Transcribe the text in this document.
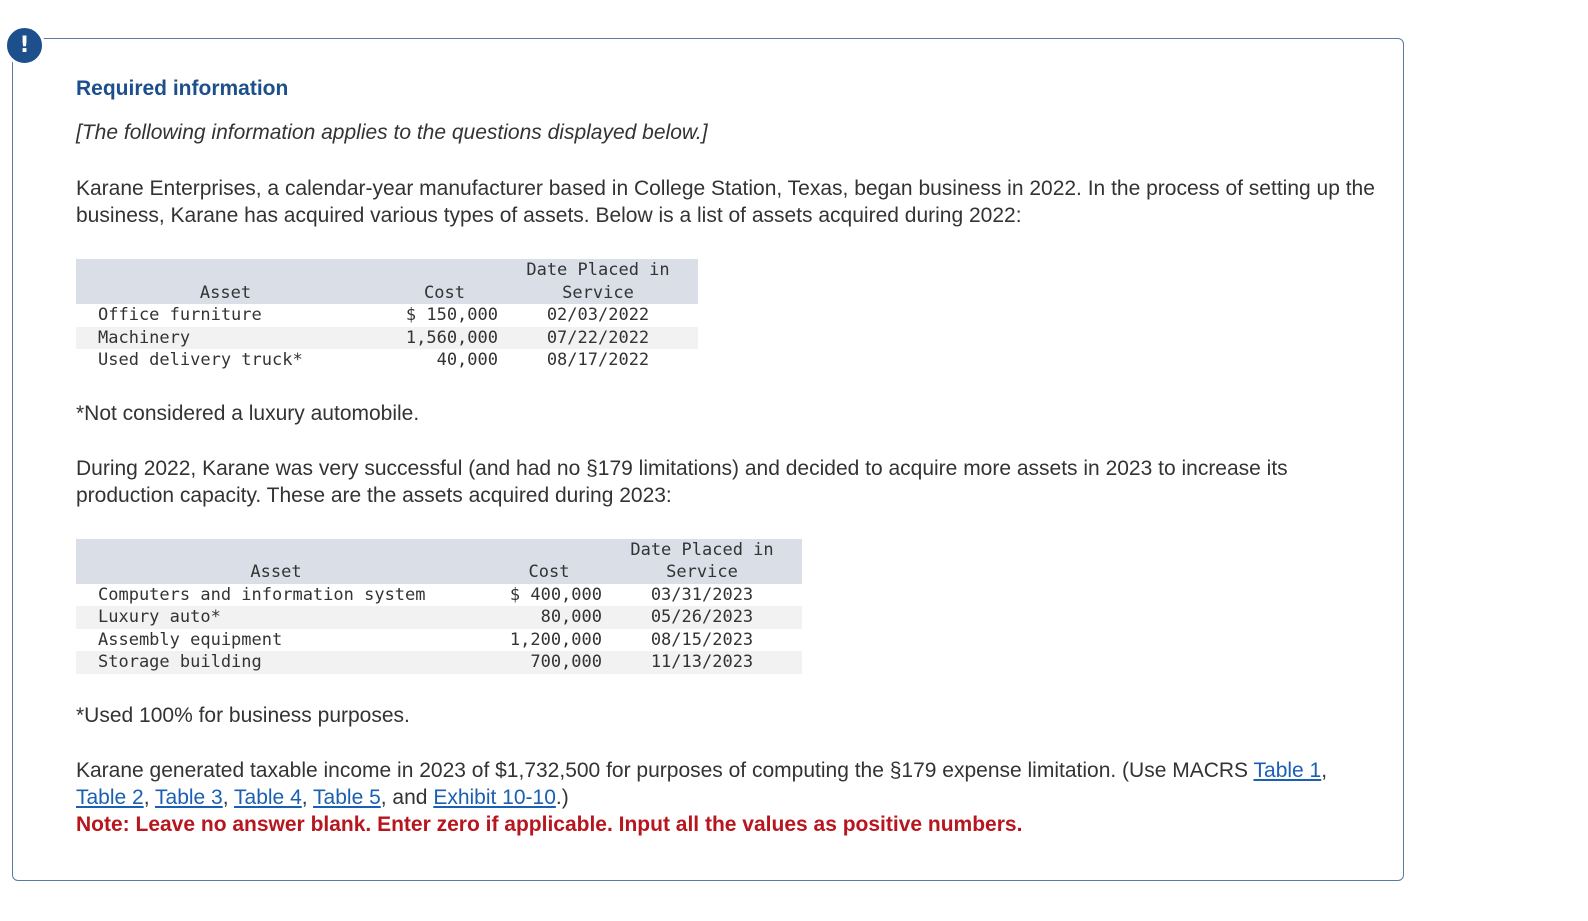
Required information
[The following information applies to the questions displayed below.]

Karane Enterprises, a calendar-year manufacturer based in College Station, Texas, began business in 2022. In the process of setting up the business, Karane has acquired various types of assets. Below is a list of assets acquired during 2022:

Asset	Cost	Date Placed in
Service

Office furniture	$ 150,000	02/03/2022
Machinery	1,560,000	07/22/2022
Used delivery truck*	40,000	08/17/2022

*Not considered a luxury automobile.

During 2022, Karane was very successful (and had no §179 limitations) and decided to acquire more assets in 2023 to increase its production capacity. These are the assets acquired during 2023:

Asset	Cost	Date Placed in
Service

Computers and information system	$ 400,000	03/31/2023
Luxury auto*	80,000	05/26/2023
Assembly equipment	1,200,000	08/15/2023
Storage building	700,000	11/13/2023

*Used 100% for business purposes.

Karane generated taxable income in 2023 of $1,732,500 for purposes of computing the §179 expense limitation. (Use MACRS Table 1, Table 2, Table 3, Table 4, Table 5, and Exhibit 10-10.)

Note: Leave no answer blank. Enter zero if applicable. Input all the values as positive numbers.

!
